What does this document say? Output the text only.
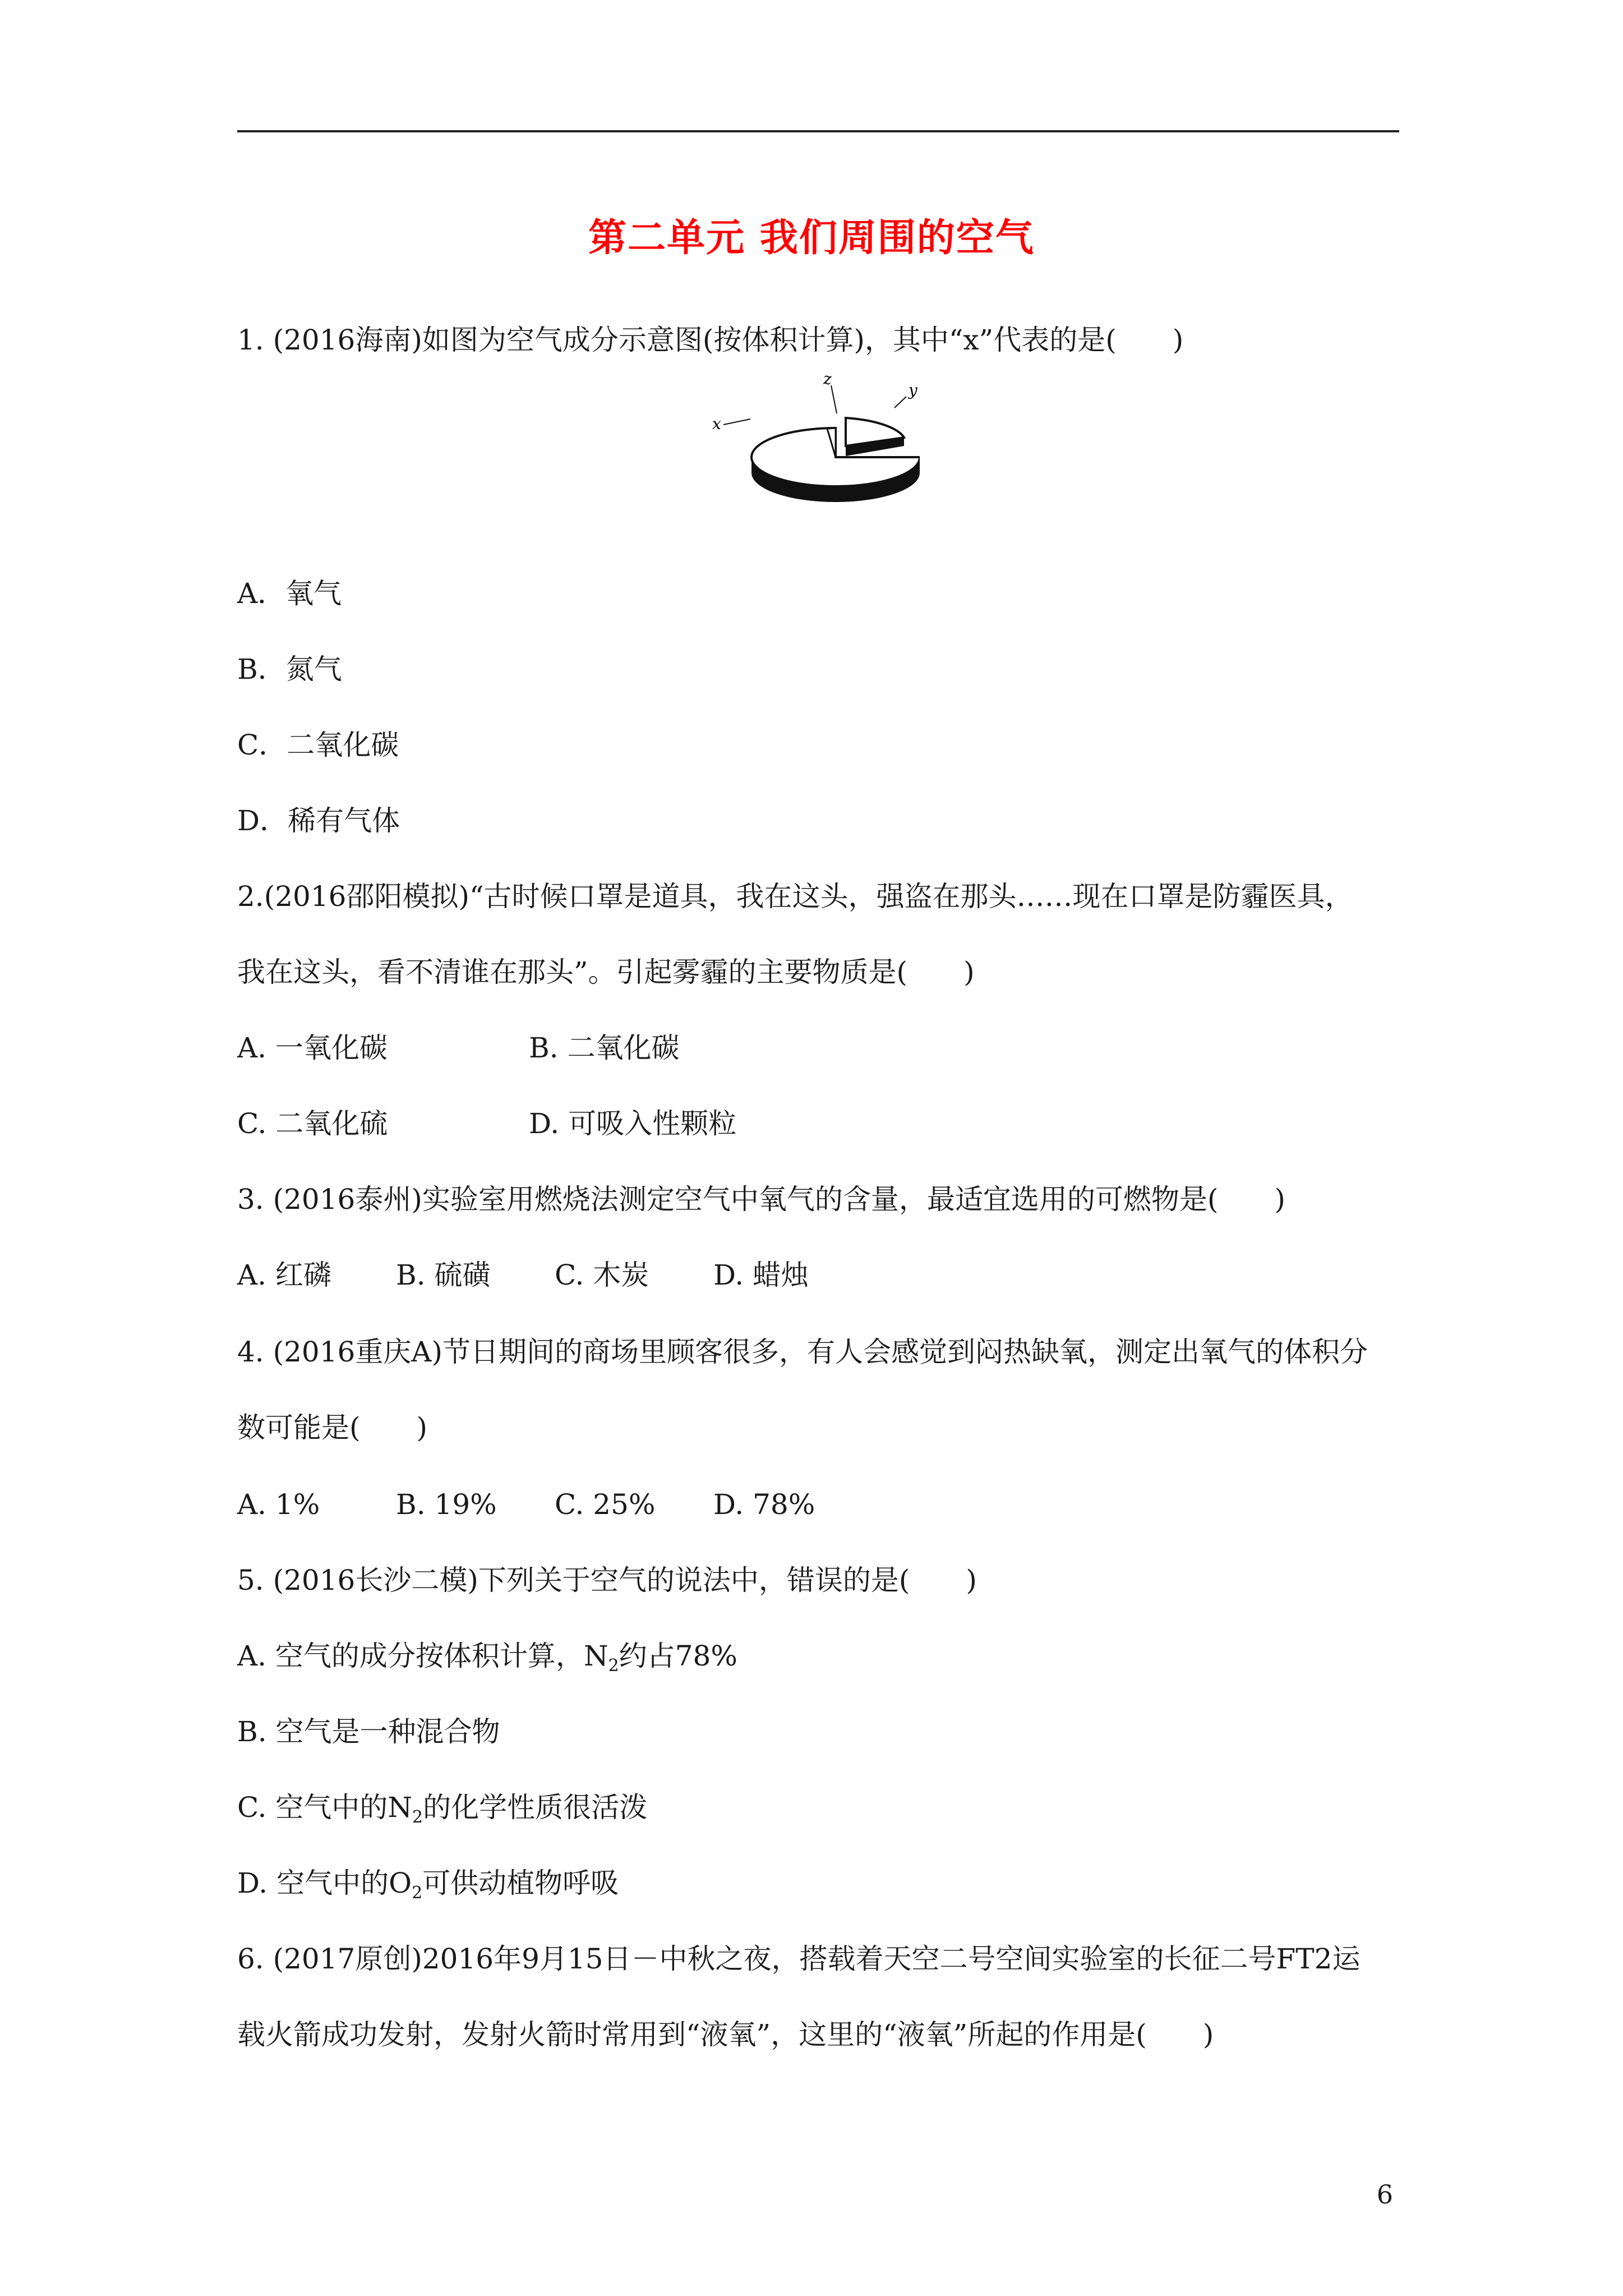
第二单元 我们周围的空气
1. (2016海南)如图为空气成分示意图(按体积计算)，其中“x”代表的是(　　)
x
z
y
A．氧气
B．氮气
C．二氧化碳
D．稀有气体
2.(2016邵阳模拟)“古时候口罩是道具，我在这头，强盗在那头……现在口罩是防霾医具，
我在这头，看不清谁在那头”。引起雾霾的主要物质是(　　)
A. 一氧化碳	B. 二氧化碳
C. 二氧化硫	D. 可吸入性颗粒
3. (2016泰州)实验室用燃烧法测定空气中氧气的含量，最适宜选用的可燃物是(　　)
A. 红磷 B. 硫磺 C. 木炭 D. 蜡烛
4. (2016重庆A)节日期间的商场里顾客很多，有人会感觉到闷热缺氧，测定出氧气的体积分
数可能是(　　)
A. 1%	B. 19% C. 25% D. 78%
5. (2016长沙二模)下列关于空气的说法中，错误的是(　　)
A. 空气的成分按体积计算，$N_2$约占78%
B. 空气是一种混合物
C. 空气中的$N_2$的化学性质很活泼
D. 空气中的$O_2$可供动植物呼吸
6. (2017原创)2016年9月15日－中秋之夜，搭载着天空二号空间实验室的长征二号FT2运
载火箭成功发射，发射火箭时常用到“液氧”，这里的“液氧”所起的作用是(　　)
6
